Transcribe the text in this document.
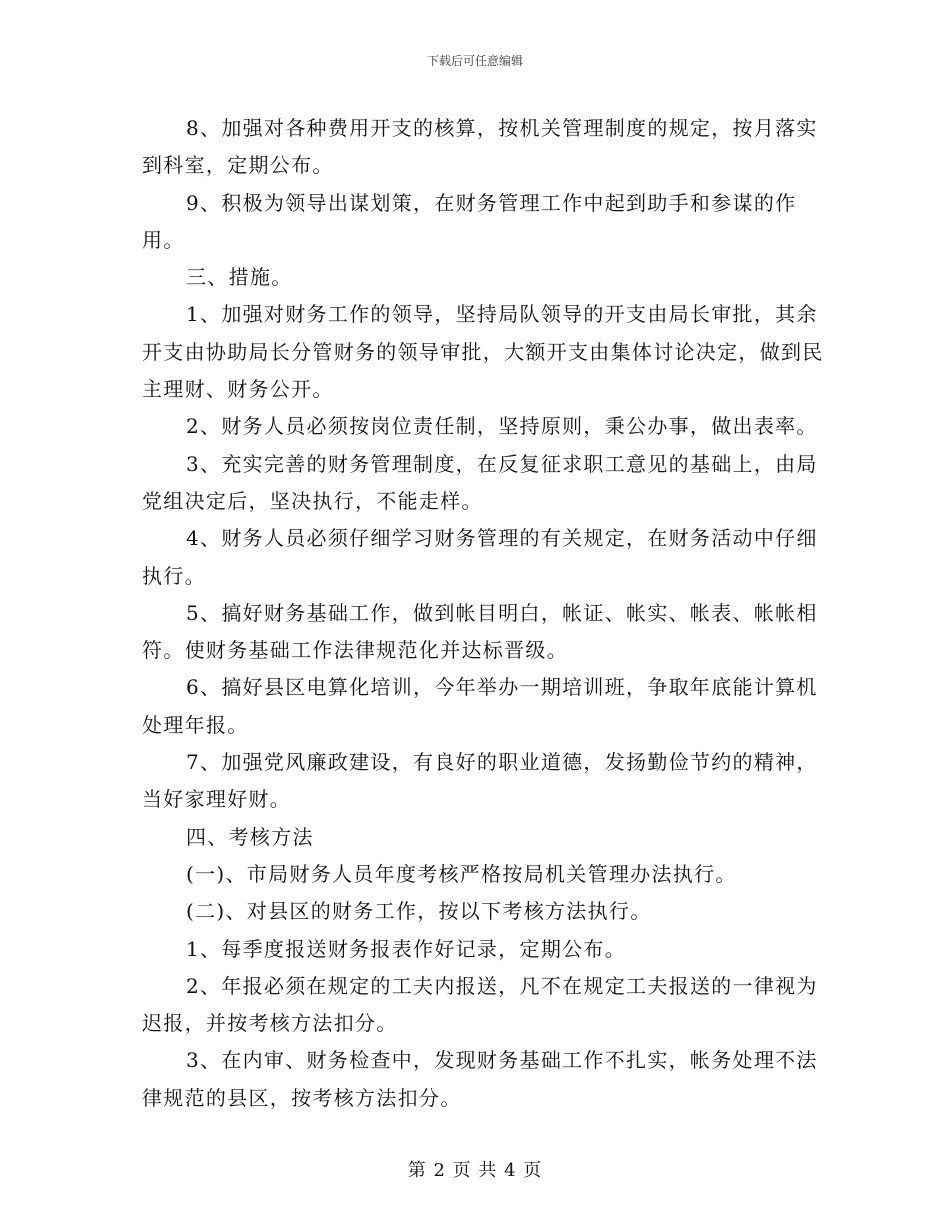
下载后可任意编辑

8、加强对各种费用开支的核算，按机关管理制度的规定，按月落实到科室，定期公布。

9、积极为领导出谋划策，在财务管理工作中起到助手和参谋的作用。

三、措施。

1、加强对财务工作的领导，坚持局队领导的开支由局长审批，其余开支由协助局长分管财务的领导审批，大额开支由集体讨论决定，做到民主理财、财务公开。

2、财务人员必须按岗位责任制，坚持原则，秉公办事，做出表率。

3、充实完善的财务管理制度，在反复征求职工意见的基础上，由局党组决定后，坚决执行，不能走样。

4、财务人员必须仔细学习财务管理的有关规定，在财务活动中仔细执行。

5、搞好财务基础工作，做到帐目明白，帐证、帐实、帐表、帐帐相符。使财务基础工作法律规范化并达标晋级。

6、搞好县区电算化培训，今年举办一期培训班，争取年底能计算机处理年报。

7、加强党风廉政建设，有良好的职业道德，发扬勤俭节约的精神，当好家理好财。

四、考核方法

(一)、市局财务人员年度考核严格按局机关管理办法执行。

(二)、对县区的财务工作，按以下考核方法执行。

1、每季度报送财务报表作好记录，定期公布。

2、年报必须在规定的工夫内报送，凡不在规定工夫报送的一律视为迟报，并按考核方法扣分。

3、在内审、财务检查中，发现财务基础工作不扎实，帐务处理不法律规范的县区，按考核方法扣分。

第 2 页 共 4 页
